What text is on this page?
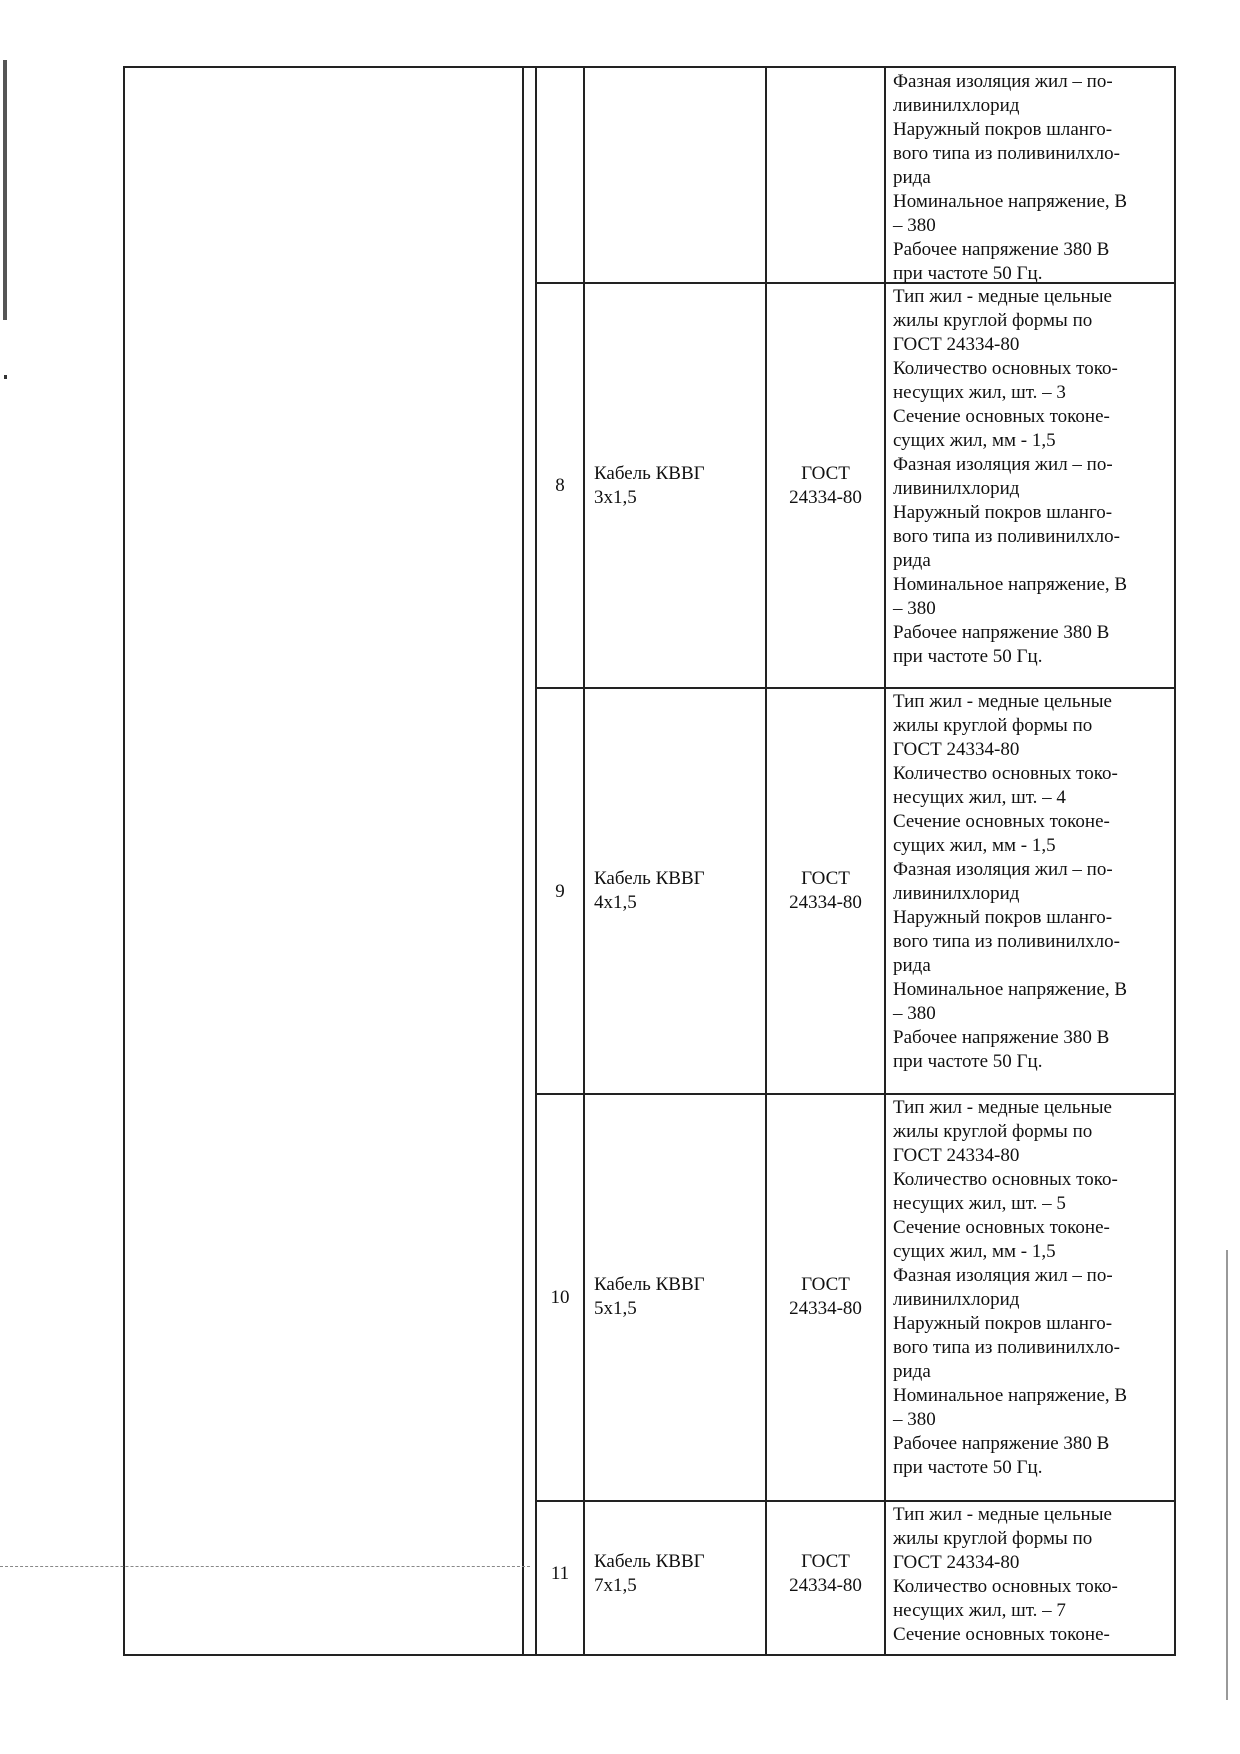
Фазная изоляция жил – по-
ливинилхлорид
Наружный покров шланго-
вого типа из поливинилхло-
рида
Номинальное напряжение, В
– 380
Рабочее напряжение 380 В
при частоте 50 Гц.
8
Кабель КВВГ
3х1,5
ГОСТ
24334-80
Тип жил - медные цельные
жилы круглой формы по
ГОСТ 24334-80
Количество основных токо-
несущих жил, шт. – 3
Сечение основных токоне-
сущих жил, мм - 1,5
Фазная изоляция жил – по-
ливинилхлорид
Наружный покров шланго-
вого типа из поливинилхло-
рида
Номинальное напряжение, В
– 380
Рабочее напряжение 380 В
при частоте 50 Гц.
9
Кабель КВВГ
4х1,5
ГОСТ
24334-80
Тип жил - медные цельные
жилы круглой формы по
ГОСТ 24334-80
Количество основных токо-
несущих жил, шт. – 4
Сечение основных токоне-
сущих жил, мм - 1,5
Фазная изоляция жил – по-
ливинилхлорид
Наружный покров шланго-
вого типа из поливинилхло-
рида
Номинальное напряжение, В
– 380
Рабочее напряжение 380 В
при частоте 50 Гц.
10
Кабель КВВГ
5х1,5
ГОСТ
24334-80
Тип жил - медные цельные
жилы круглой формы по
ГОСТ 24334-80
Количество основных токо-
несущих жил, шт. – 5
Сечение основных токоне-
сущих жил, мм - 1,5
Фазная изоляция жил – по-
ливинилхлорид
Наружный покров шланго-
вого типа из поливинилхло-
рида
Номинальное напряжение, В
– 380
Рабочее напряжение 380 В
при частоте 50 Гц.
11
Кабель КВВГ
7х1,5
ГОСТ
24334-80
Тип жил - медные цельные
жилы круглой формы по
ГОСТ 24334-80
Количество основных токо-
несущих жил, шт. – 7
Сечение основных токоне-
